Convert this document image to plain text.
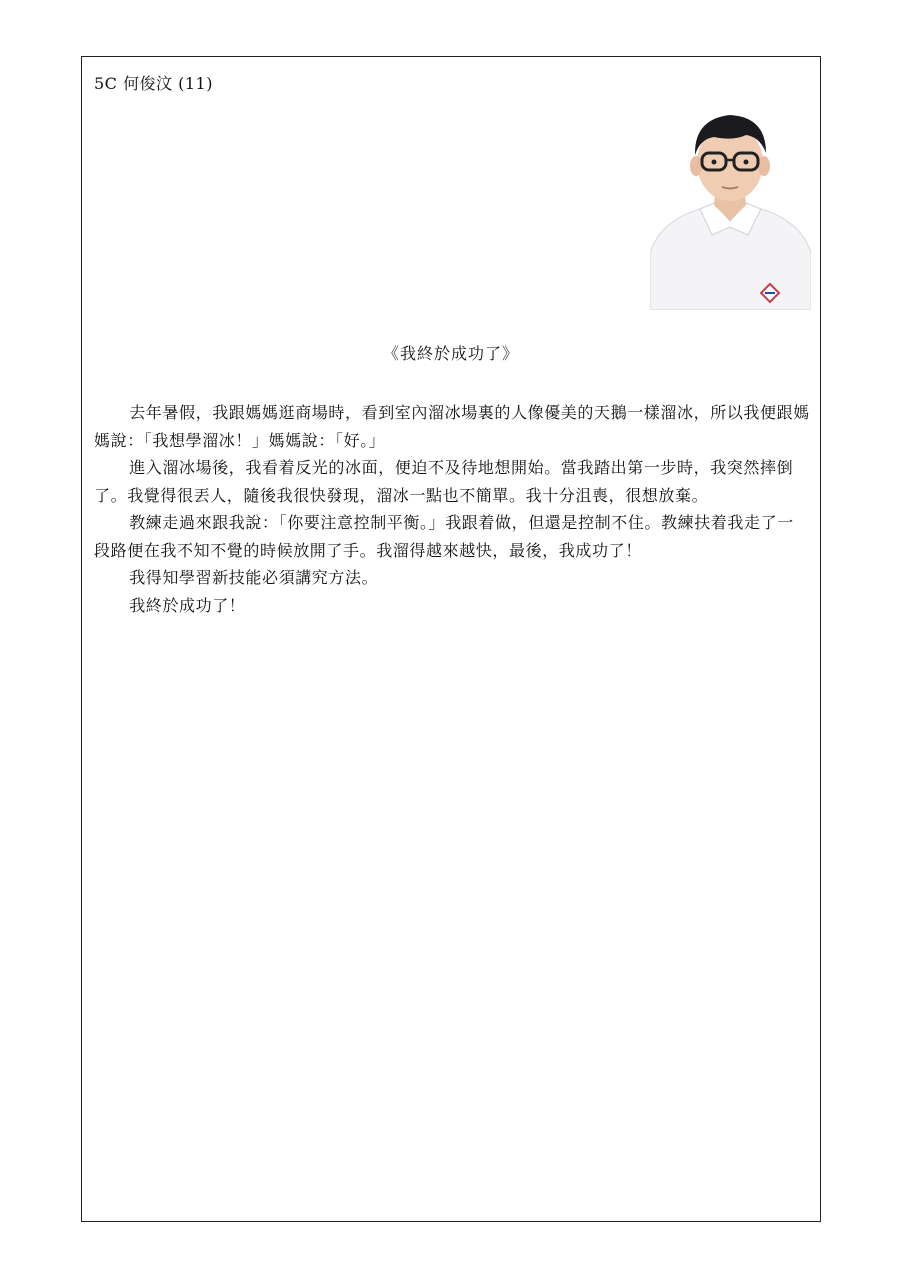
5C 何俊汶 (11)
《我終於成功了》

去年暑假，我跟媽媽逛商場時，看到室內溜冰場裏的人像優美的天鵝一樣溜冰，所以我便跟媽媽說：「我想學溜冰！」媽媽說：「好。」

進入溜冰場後，我看着反光的冰面，便迫不及待地想開始。當我踏出第一步時，我突然摔倒了。我覺得很丟人，隨後我很快發現，溜冰一點也不簡單。我十分沮喪，很想放棄。

教練走過來跟我說：「你要注意控制平衡。」我跟着做，但還是控制不住。教練扶着我走了一段路便在我不知不覺的時候放開了手。我溜得越來越快，最後，我成功了！

我得知學習新技能必須講究方法。

我終於成功了！
